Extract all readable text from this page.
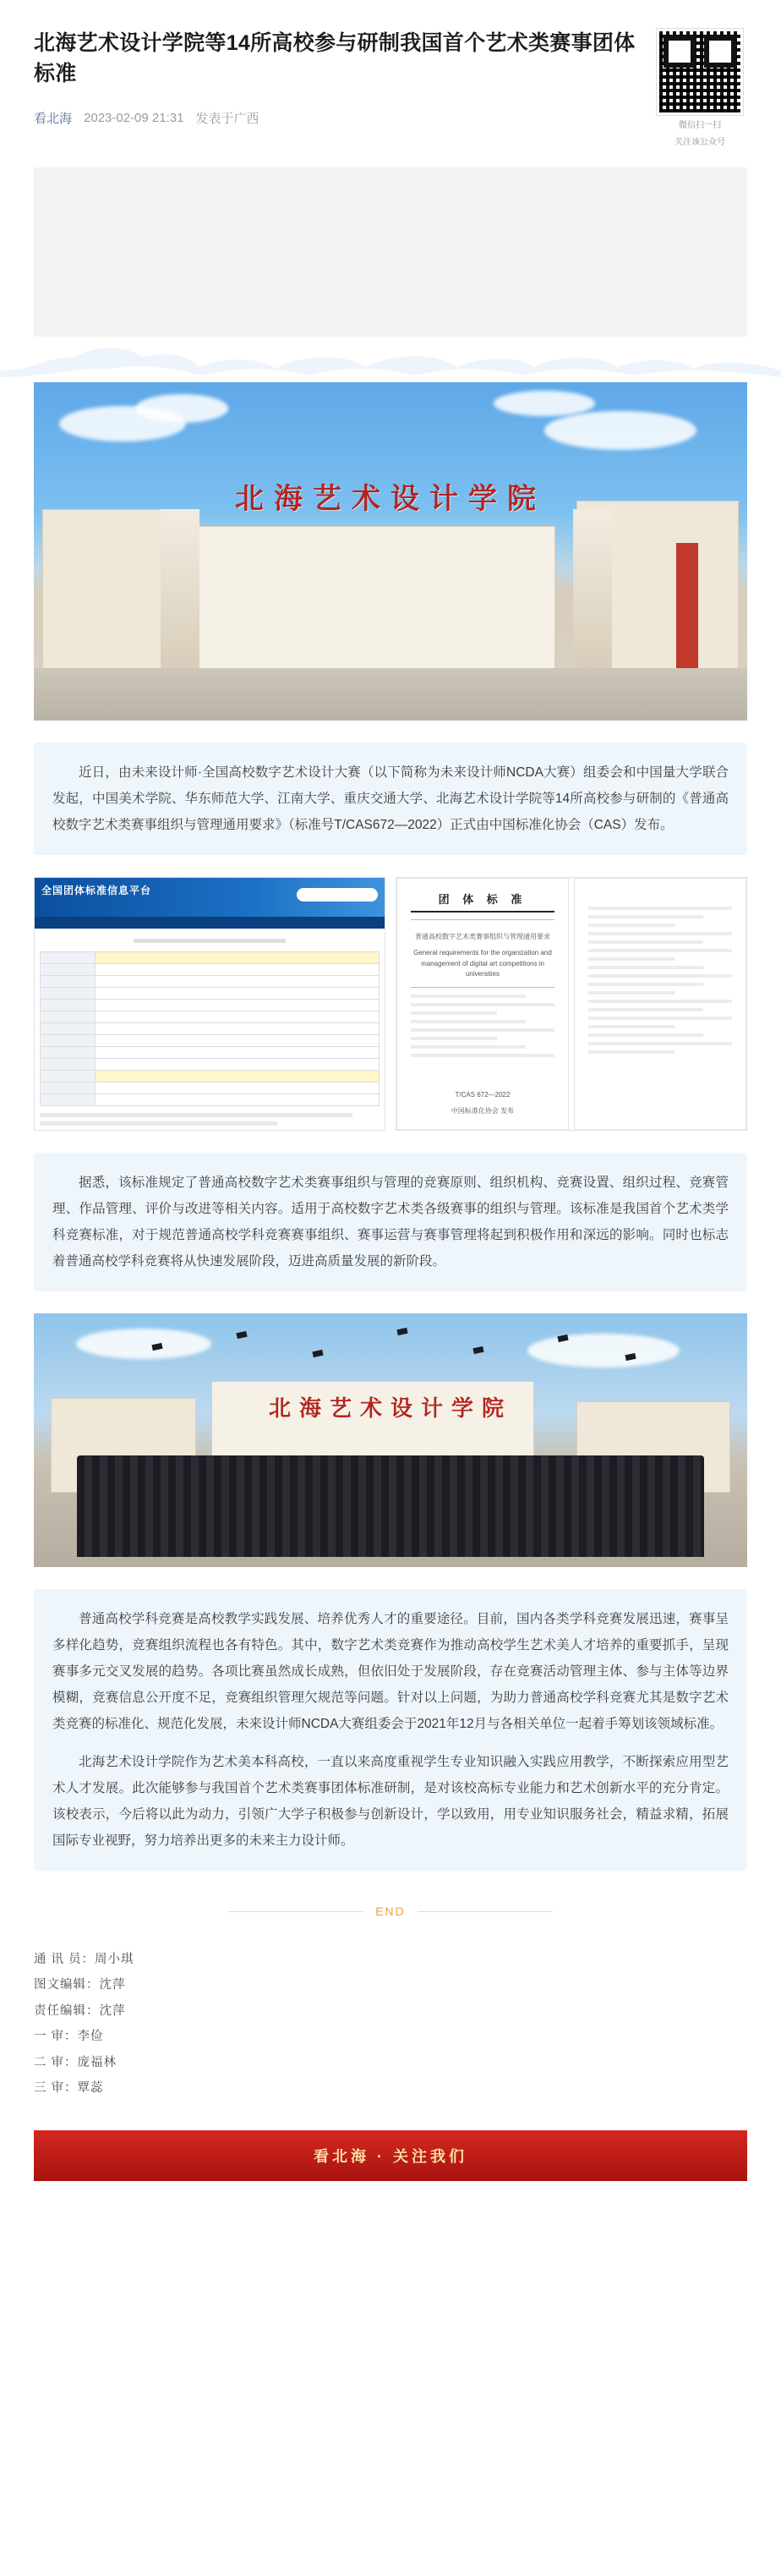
北海艺术设计学院等14所高校参与研制我国首个艺术类赛事团体标准
看北海 2023-02-09 21:31 发表于广西	微信扫一扫
关注该公众号
北海艺术设计学院
近日，由未来设计师·全国高校数字艺术设计大赛（以下简称为未来设计师NCDA大赛）组委会和中国量大学联合发起，中国美术学院、华东师范大学、江南大学、重庆交通大学、北海艺术设计学院等14所高校参与研制的《普通高校数字艺术类赛事组织与管理通用要求》（标准号T/CAS672—2022）正式由中国标准化协会（CAS）发布。
全国团体标准信息平台
团 体 标 准
普通高校数字艺术类赛事组织与管理通用要求
General requirements for the organization and management of digital art competitions in universities
T/CAS 672—2022
中国标准化协会 发布

据悉，该标准规定了普通高校数字艺术类赛事组织与管理的竞赛原则、组织机构、竞赛设置、组织过程、竞赛管理、作品管理、评价与改进等相关内容。适用于高校数字艺术类各级赛事的组织与管理。该标准是我国首个艺术类学科竞赛标准，对于规范普通高校学科竞赛赛事组织、赛事运营与赛事管理将起到积极作用和深远的影响。同时也标志着普通高校学科竞赛将从快速发展阶段，迈进高质量发展的新阶段。
北海艺术设计学院
普通高校学科竞赛是高校教学实践发展、培养优秀人才的重要途径。目前，国内各类学科竞赛发展迅速，赛事呈多样化趋势，竞赛组织流程也各有特色。其中，数字艺术类竞赛作为推动高校学生艺术美人才培养的重要抓手，呈现赛事多元交叉发展的趋势。各项比赛虽然成长成熟，但依旧处于发展阶段，存在竞赛活动管理主体、参与主体等边界模糊，竞赛信息公开度不足，竞赛组织管理欠规范等问题。针对以上问题，为助力普通高校学科竞赛尤其是数字艺术类竞赛的标准化、规范化发展，未来设计师NCDA大赛组委会于2021年12月与各相关单位一起着手筹划该领域标准。
北海艺术设计学院作为艺术美本科高校，一直以来高度重视学生专业知识融入实践应用教学，不断探索应用型艺术人才发展。此次能够参与我国首个艺术类赛事团体标准研制，是对该校高标专业能力和艺术创新水平的充分肯定。该校表示，今后将以此为动力，引领广大学子积极参与创新设计，学以致用，用专业知识服务社会，精益求精，拓展国际专业视野，努力培养出更多的未来主力设计师。
END
通 讯 员：周小琪
图文编辑：沈萍
责任编辑：沈萍
一 审：李俭
二 审：庞福林
三 审：覃蕊
看北海 · 关注我们
